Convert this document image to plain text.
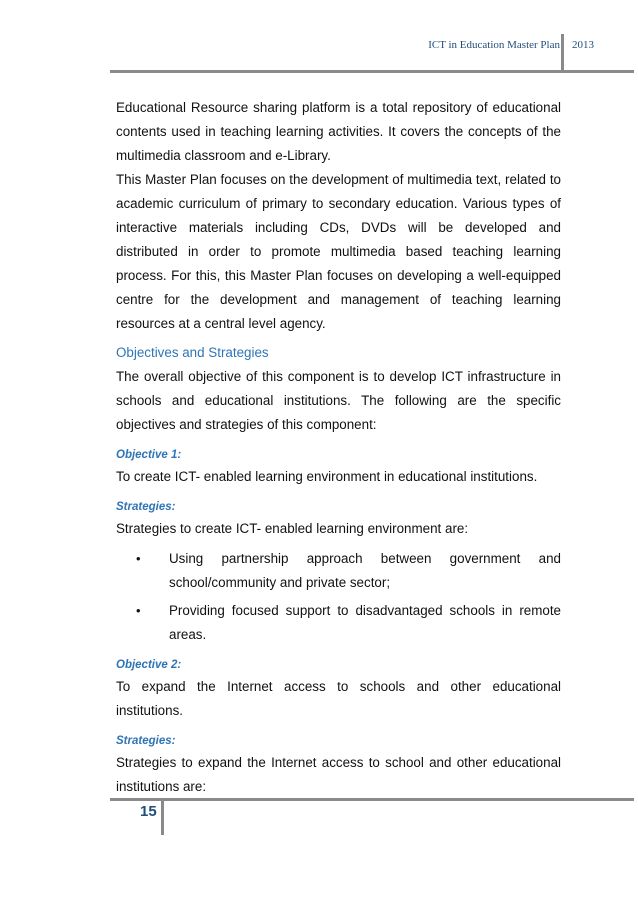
ICT in Education Master Plan 2013

Educational Resource sharing platform is a total repository of educational contents used in teaching learning activities. It covers the concepts of the multimedia classroom and e-Library.

This Master Plan focuses on the development of multimedia text, related to academic curriculum of primary to secondary education. Various types of interactive materials including CDs, DVDs will be developed and distributed in order to promote multimedia based teaching learning process. For this, this Master Plan focuses on developing a well-equipped centre for the development and management of teaching learning resources at a central level agency.

Objectives and Strategies

The overall objective of this component is to develop ICT infrastructure in schools and educational institutions. The following are the specific objectives and strategies of this component:

Objective 1:

To create ICT- enabled learning environment in educational institutions.

Strategies:

Strategies to create ICT- enabled learning environment are:

• Using partnership approach between government and school/community and private sector;
• Providing focused support to disadvantaged schools in remote areas.
Objective 2:

To expand the Internet access to schools and other educational institutions.

Strategies:

Strategies to expand the Internet access to school and other educational institutions are:

15
